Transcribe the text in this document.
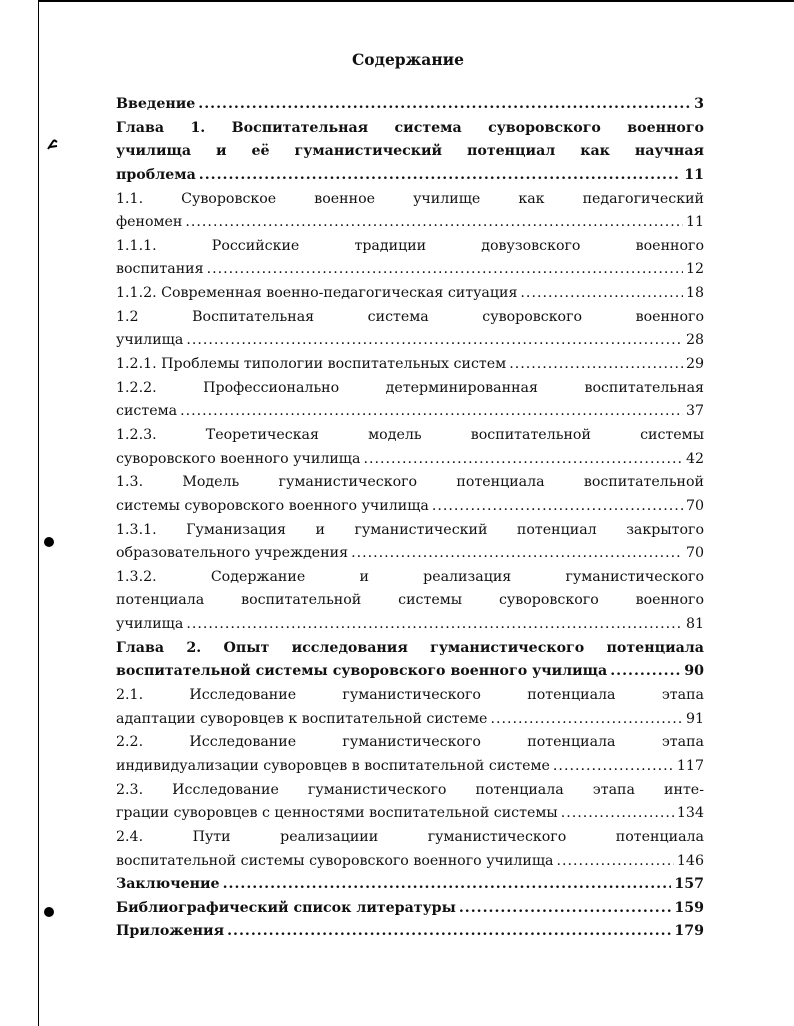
Содержание
Введение .....	3
Глава 1. Воспитательная система суворовского военного
училища и её гуманистический потенциал как научная
проблема .....	11
1.1. Суворовское военное училище как педагогический
феномен .....	11
1.1.1. Российские традиции довузовского военного
воспитания .....	12
1.1.2. Современная военно-педагогическая ситуация .....	18
1.2 Воспитательная система суворовского военного
училища .....	28
1.2.1. Проблемы типологии воспитательных систем .....	29
1.2.2. Профессионально детерминированная воспитательная
система .....	37
1.2.3. Теоретическая модель воспитательной системы
суворовского военного училища .....	42
1.3. Модель гуманистического потенциала воспитательной
системы суворовского военного училища .....	70
1.3.1. Гуманизация и гуманистический потенциал закрытого
образовательного учреждения .....	70
1.3.2. Содержание и реализация гуманистического
потенциала воспитательной системы суворовского военного
училища .....	81
Глава 2. Опыт исследования гуманистического потенциала
воспитательной системы суворовского военного училища .....	90
2.1. Исследование гуманистического потенциала этапа
адаптации суворовцев к воспитательной системе .....	91
2.2. Исследование гуманистического потенциала этапа
индивидуализации суворовцев в воспитательной системе .....	117
2.3. Исследование гуманистического потенциала этапа инте-
грации суворовцев с ценностями воспитательной системы .....	134
2.4. Пути реализациии гуманистического потенциала
воспитательной системы суворовского военного училища .....	146
Заключение .....	157
Библиографический список литературы .....	159
Приложения .....	179
